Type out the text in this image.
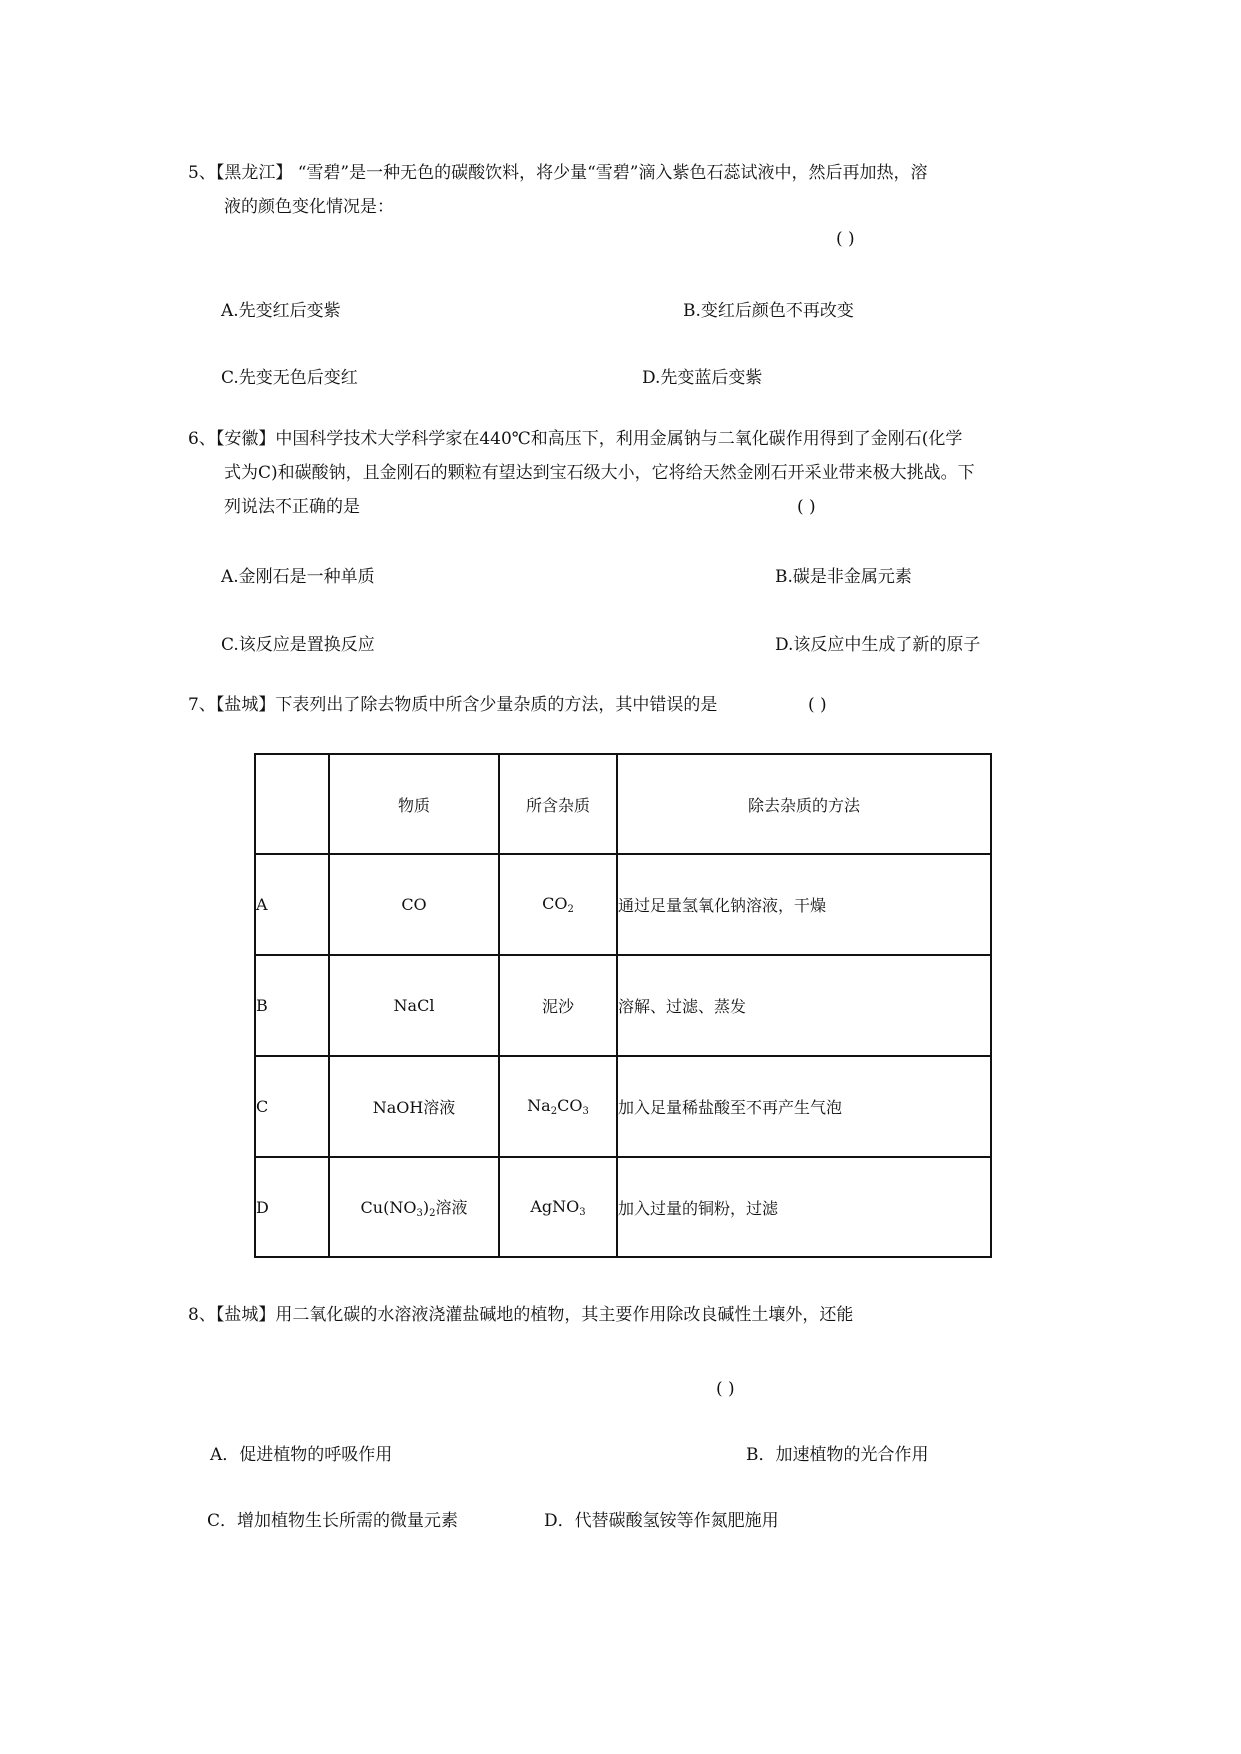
5、【黑龙江】 “雪碧”是一种无色的碳酸饮料，将少量“雪碧”滴入紫色石蕊试液中，然后再加热，溶
液的颜色变化情况是：
( )
A.先变红后变紫	B.变红后颜色不再改变
C.先变无色后变红	D.先变蓝后变紫
6、【安徽】中国科学技术大学科学家在440℃和高压下，利用金属钠与二氧化碳作用得到了金刚石(化学
式为C)和碳酸钠，且金刚石的颗粒有望达到宝石级大小，它将给天然金刚石开采业带来极大挑战。下
列说法不正确的是	( )
A.金刚石是一种单质	B.碳是非金属元素
C.该反应是置换反应	D.该反应中生成了新的原子
7、【盐城】下表列出了除去物质中所含少量杂质的方法，其中错误的是	( )
	物质	所含杂质	除去杂质的方法
A	CO	$CO_2$	通过足量氢氧化钠溶液，干燥
B	NaCl	泥沙	溶解、过滤、蒸发
C	NaOH溶液	$Na_2CO_3$	加入足量稀盐酸至不再产生气泡
D	$Cu(NO_3)_2$溶液	AgNO$_3$	加入过量的铜粉，过滤
8、【盐城】用二氧化碳的水溶液浇灌盐碱地的植物，其主要作用除改良碱性土壤外，还能
( )
A．促进植物的呼吸作用	B．加速植物的光合作用
C．增加植物生长所需的微量元素	D．代替碳酸氢铵等作氮肥施用
